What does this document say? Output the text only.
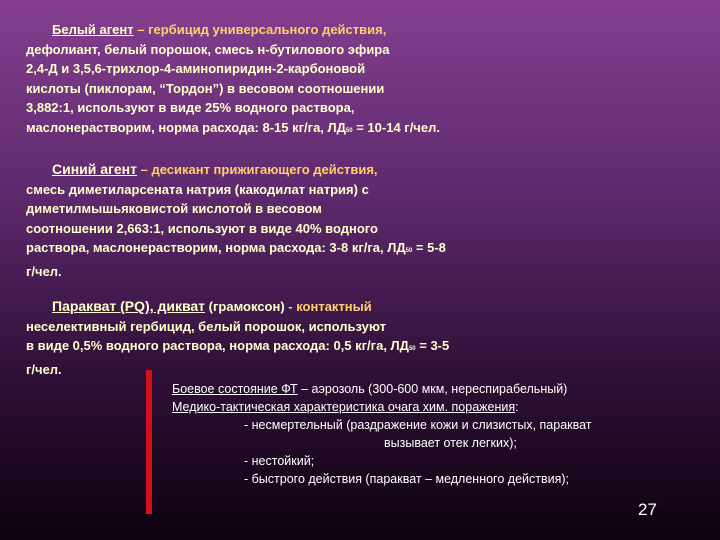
Белый агент – гербицид универсального действия,
дефолиант, белый порошок, смесь н-бутилового эфира
2,4-Д и 3,5,6-трихлор-4-аминопиридин-2-карбоновой
кислоты (пиклорам, “Тордон”) в весовом соотношении
3,882:1, используют в виде 25% водного раствора,
маслонерастворим, норма расхода: 8-15 кг/га, ЛД50 = 10-14 г/чел.
Синий агент – десикант прижигающего действия,
смесь диметиларсената натрия (какодилат натрия) с
диметилмышьяковистой кислотой в весовом
соотношении 2,663:1, используют в виде 40% водного
раствора, маслонерастворим, норма расхода: 3-8 кг/га, ЛД50 = 5-8
г/чел.
Паракват (PQ), дикват (грамоксон) - контактный
неселективный гербицид, белый порошок, используют
в виде 0,5% водного раствора, норма расхода: 0,5 кг/га, ЛД50 = 3-5
г/чел.
Боевое состояние ФТ – аэрозоль (300-600 мкм, нереспирабельный)
Медико-тактическая характеристика очага хим. поражения:
- несмертельный (раздражение кожи и слизистых, паракват
вызывает отек легких);
- нестойкий;
- быстрого действия (паракват – медленного действия);
27
